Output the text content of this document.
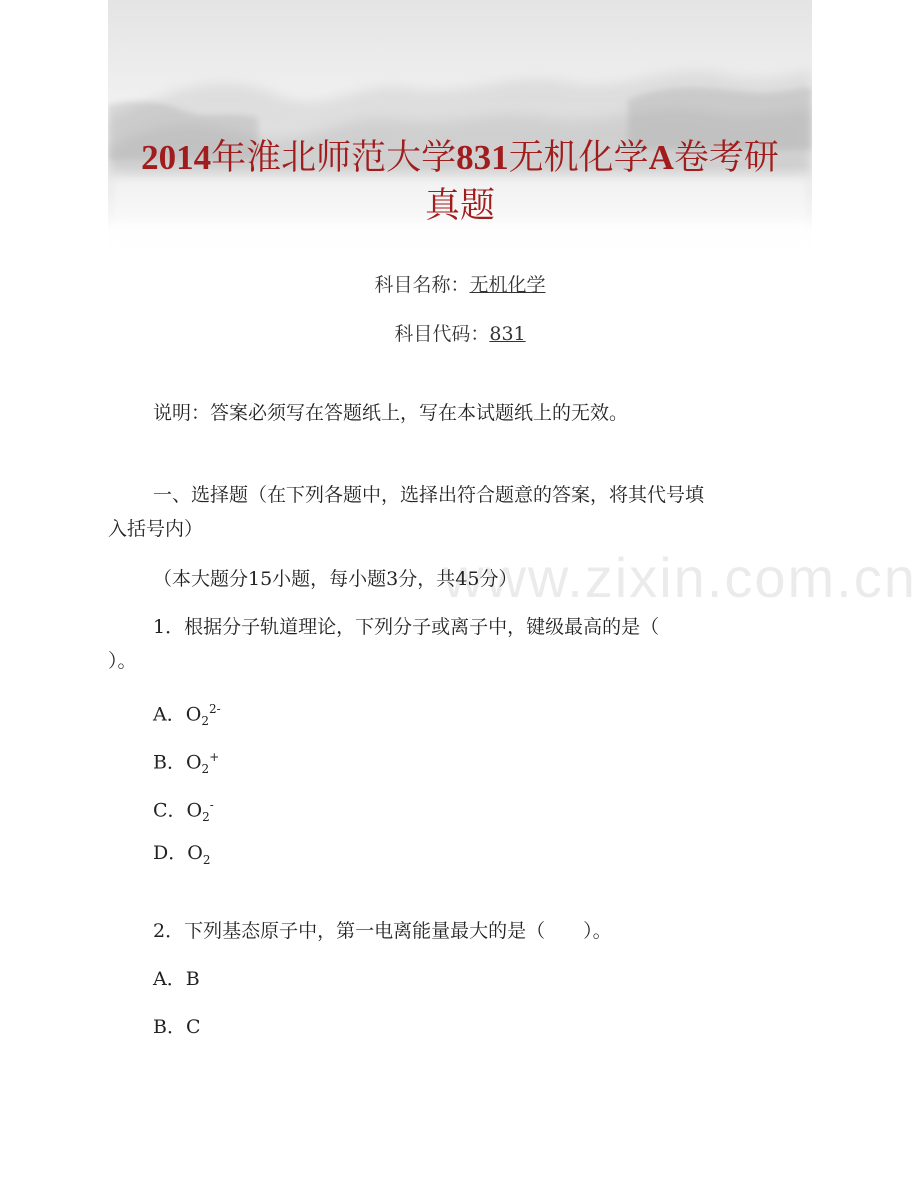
2014年淮北师范大学831无机化学A卷考研
真题
科目名称：无机化学
科目代码：831
说明：答案必须写在答题纸上，写在本试题纸上的无效。
一、选择题（在下列各题中，选择出符合题意的答案，将其代号填
入括号内）
（本大题分15小题，每小题3分，共45分）
1．根据分子轨道理论，下列分子或离子中，键级最高的是（
）。
A．$O_2^{2-}$
B．$O_2^+$
C．$O_2^-$
D．$O_2$
2．下列基态原子中，第一电离能量最大的是（　　）。
A．B
B．C
www.zixin.com.cn
